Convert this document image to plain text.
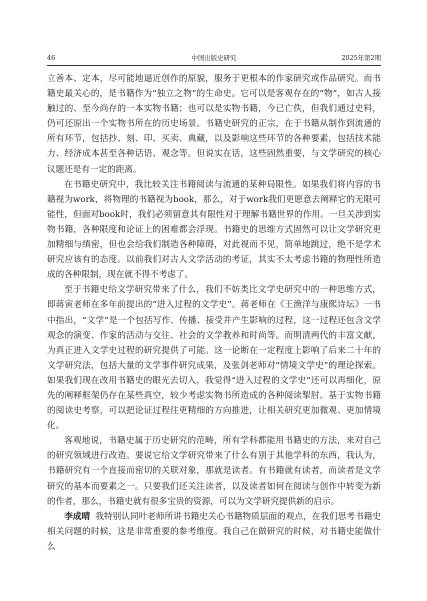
46	中国出版史研究	2025年第2期

立善本、定本，尽可能地逼近创作的原貌，服务于更根本的作家研究或作品研究。而书籍史最关心的，是书籍作为“独立之物”的生命史。它可以是客观存在的“物”，如古人接触过的、至今尚存的一本实物书籍；也可以是实物书籍，今已亡佚，但我们通过史料，仍可还原出一个实物书所在的历史场景。书籍史研究的正宗，在于书籍从制作到流通的所有环节，包括抄、刻、印、买卖、典藏，以及影响这些环节的各种要素，包括技术能力、经济成本甚至各种话语、观念等。但说实在话，这些固然重要，与文学研究的核心议题还是有一定的距离。

在书籍史研究中，我比较关注书籍阅读与流通的某种局限性。如果我们将内容的书籍视为work，将物理的书籍视为book，那么，对于work我们更愿意去阐释它的无限可能性，但面对book时，我们必须留意其有限性对于理解书籍世界的作用。一旦关涉到实物书籍，各种限度和论证上的困难都会浮现。书籍史的思维方式固然可以让文学研究更加精细与缜密，但也会给我们制造各种障碍，对此视而不见，简单地跳过，绝不是学术研究应该有的态度。以前我们对古人文学活动的考证，其实不太考虑书籍的物理性所造成的各种限制，现在就不得不考虑了。

至于书籍史给文学研究带来了什么，我们不妨类比文学史研究中的一种思维方式，即蒋寅老师在多年前提出的“进入过程的文学史”。蒋老师在《王渔洋与康熙诗坛》一书中指出，“文学”是一个包括写作、传播、接受并产生影响的过程，这一过程还包含文学观念的演变、作家的活动与交往、社会的文学教养和时尚等。而明清两代的丰富文献，为真正进入文学史过程的研究提供了可能。这一论断在一定程度上影响了后来二十年的文学研究法，包括大量的文学事件研究成果，及张剑老师对“情境文学史”的理论探索。如果我们现在改用书籍史的眼光去切入，我觉得“进入过程的文学史”还可以再细化，原先的阐释框架仍存在某些真空，较少考虑实物书所造成的各种阅读掣肘。基于实物书籍的阅读史考察，可以把论证过程往更精细的方向推进，让相关研究更加微观、更加情境化。

客观地说，书籍史属于历史研究的范畴，所有学科都能用书籍史的方法，来对自己的研究领域进行改造。要说它给文学研究带来了什么有别于其他学科的东西，我认为，书籍研究有一个直接而密切的关联对象，那就是读者。有书籍就有读者，而读者是文学研究的基本而要素之一。只要我们还关注读者，以及读者如何在阅读与创作中转变为新的作者，那么，书籍史就有很多宝贵的资源，可以为文学研究提供新的启示。

李成晴 我特别认同叶老师所讲书籍史关心书籍物质层面的观点，在我们思考书籍史相关问题的时候，这是非常重要的参考维度。我自己在做研究的时候，对书籍史能做什么
